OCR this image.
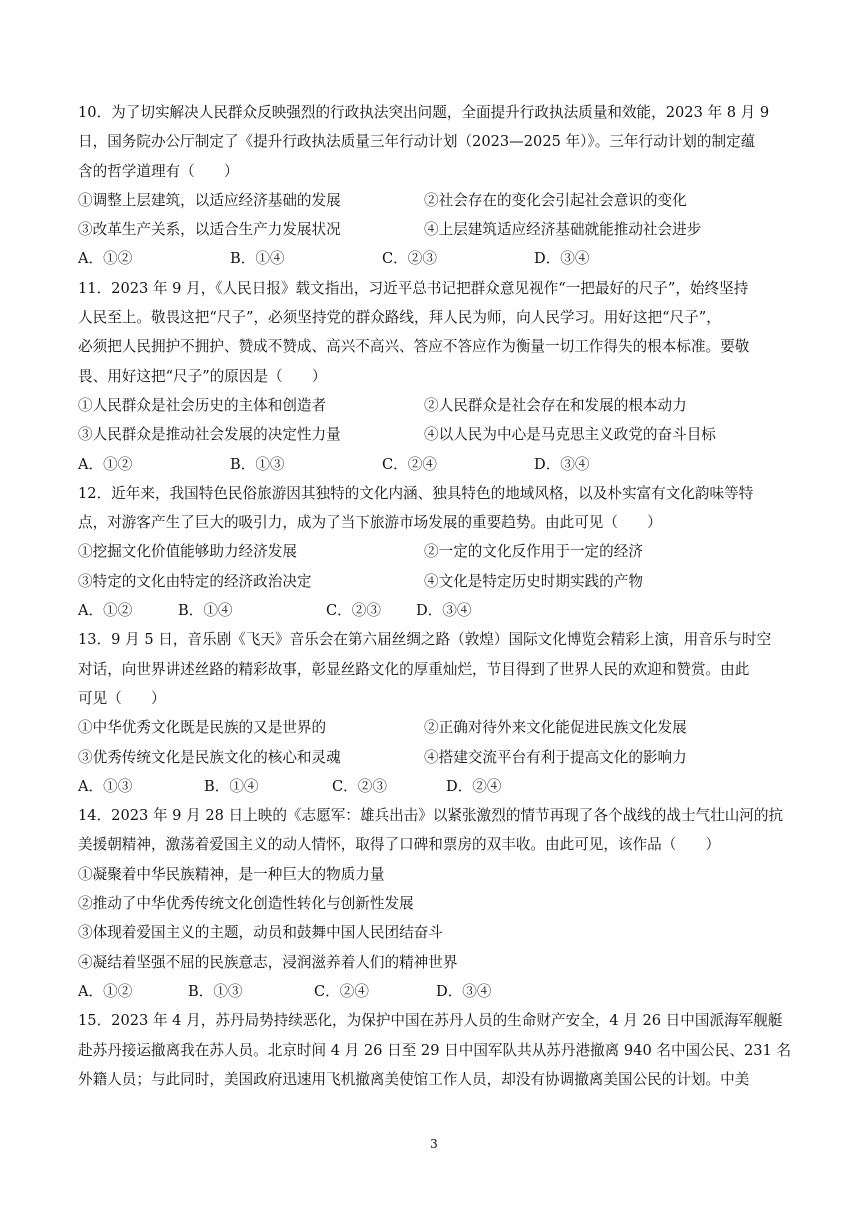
10．为了切实解决人民群众反映强烈的行政执法突出问题，全面提升行政执法质量和效能，2023 年 8 月 9
日，国务院办公厅制定了《提升行政执法质量三年行动计划（2023—2025 年）》。三年行动计划的制定蕴
含的哲学道理有（　　）
①调整上层建筑，以适应经济基础的发展	②社会存在的变化会引起社会意识的变化
③改革生产关系，以适合生产力发展状况	④上层建筑适应经济基础就能推动社会进步
A．①②	B．①④	C．②③	D．③④
11．2023 年 9 月，《人民日报》载文指出，习近平总书记把群众意见视作“一把最好的尺子”，始终坚持
人民至上。敬畏这把“尺子”，必须坚持党的群众路线，拜人民为师，向人民学习。用好这把“尺子”，
必须把人民拥护不拥护、赞成不赞成、高兴不高兴、答应不答应作为衡量一切工作得失的根本标准。要敬
畏、用好这把“尺子”的原因是（　　）
①人民群众是社会历史的主体和创造者	②人民群众是社会存在和发展的根本动力
③人民群众是推动社会发展的决定性力量	④以人民为中心是马克思主义政党的奋斗目标
A．①②	B．①③	C．②④	D．③④
12．近年来，我国特色民俗旅游因其独特的文化内涵、独具特色的地域风格，以及朴实富有文化韵味等特
点，对游客产生了巨大的吸引力，成为了当下旅游市场发展的重要趋势。由此可见（　　）
①挖掘文化价值能够助力经济发展	②一定的文化反作用于一定的经济
③特定的文化由特定的经济政治决定	④文化是特定历史时期实践的产物
A．①②	B．①④	C．②③	D．③④
13．9 月 5 日，音乐剧《飞天》音乐会在第六届丝绸之路（敦煌）国际文化博览会精彩上演，用音乐与时空
对话，向世界讲述丝路的精彩故事，彰显丝路文化的厚重灿烂，节目得到了世界人民的欢迎和赞赏。由此
可见（　　）
①中华优秀文化既是民族的又是世界的	②正确对待外来文化能促进民族文化发展
③优秀传统文化是民族文化的核心和灵魂	④搭建交流平台有利于提高文化的影响力
A．①③	B．①④	C．②③	D．②④
14．2023 年 9 月 28 日上映的《志愿军：雄兵出击》以紧张激烈的情节再现了各个战线的战士气壮山河的抗
美援朝精神，激荡着爱国主义的动人情怀，取得了口碑和票房的双丰收。由此可见，该作品（　　）
①凝聚着中华民族精神，是一种巨大的物质力量
②推动了中华优秀传统文化创造性转化与创新性发展
③体现着爱国主义的主题，动员和鼓舞中国人民团结奋斗
④凝结着坚强不屈的民族意志，浸润滋养着人们的精神世界
A．①②	B．①③	C．②④	D．③④
15．2023 年 4 月，苏丹局势持续恶化，为保护中国在苏丹人员的生命财产安全，4 月 26 日中国派海军舰艇
赴苏丹接运撤离我在苏人员。北京时间 4 月 26 日至 29 日中国军队共从苏丹港撤离 940 名中国公民、231 名
外籍人员；与此同时，美国政府迅速用飞机撤离美使馆工作人员，却没有协调撤离美国公民的计划。中美
3
